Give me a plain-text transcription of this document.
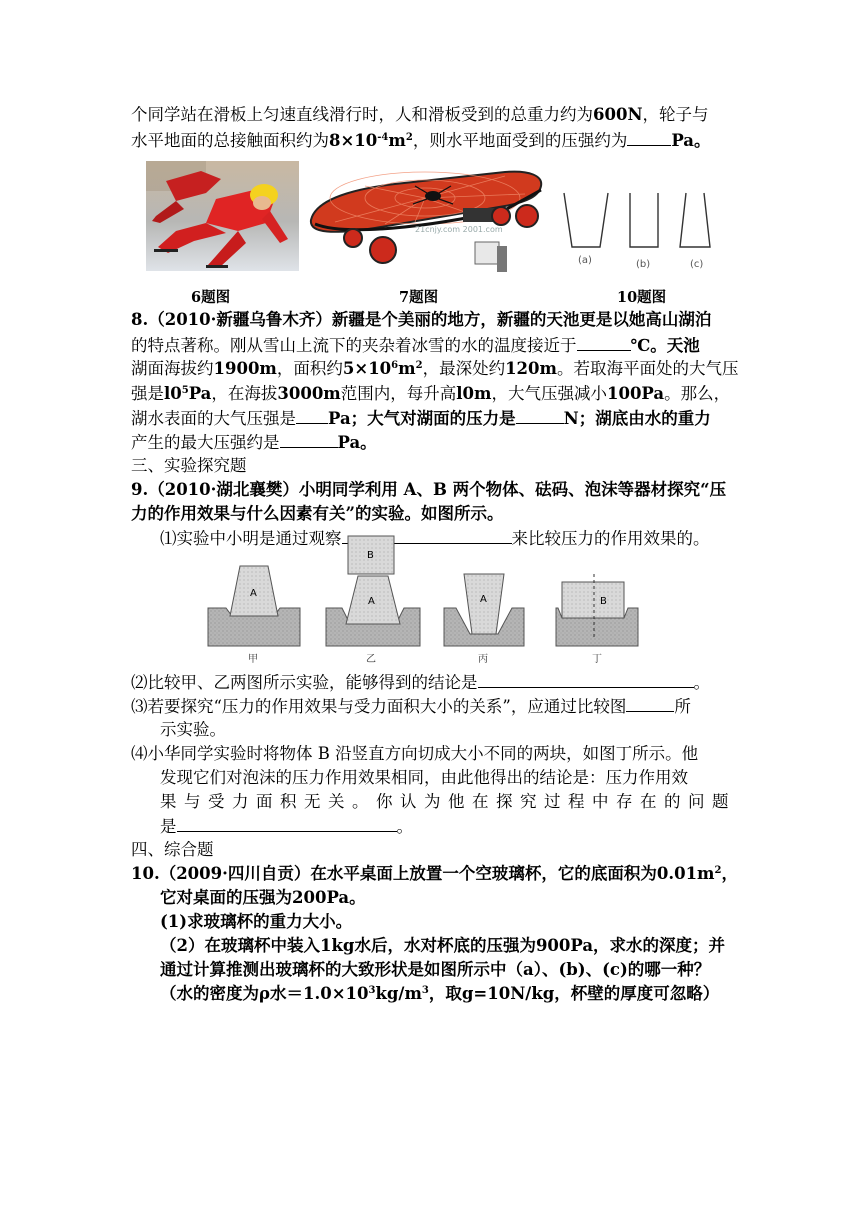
个同学站在滑板上匀速直线滑行时，人和滑板受到的总重力约为600N，轮子与
水平地面的总接触面积约为$8\times 10^{-4}m^2$，则水平地面受到的压强约为	Pa。
21cnjy.com 2001.com
(a)	(b)	(c)
6题图	7题图	10题图
8.（2010·新疆乌鲁木齐）新疆是个美丽的地方，新疆的天池更是以她高山湖泊
的特点著称。刚从雪山上流下的夹杂着冰雪的水的温度接近于	℃。天池
湖面海拔约1900m，面积约$5\times 10^6m^2$，最深处约120m。若取海平面处的大气压
强是$l0^5Pa$，在海拔3000m范围内，每升高l0m，大气压强减小100Pa。那么，
湖水表面的大气压强是 Pa；大气对湖面的压力是	N；湖底由水的重力
产生的最大压强约是	Pa。
三、实验探究题
9.（2010·湖北襄樊）小明同学利用 A、B 两个物体、砝码、泡沫等器材探究“压
力的作用效果与什么因素有关”的实验。如图所示。
⑴实验中小明是通过观察	来比较压力的作用效果的。
A
甲
B
A
乙
A
丙
B
丁
⑵比较甲、乙两图所示实验，能够得到的结论是	。
⑶若要探究“压力的作用效果与受力面积大小的关系”，应通过比较图	所
示实验。
⑷小华同学实验时将物体 B 沿竖直方向切成大小不同的两块，如图丁所示。他
发现它们对泡沫的压力作用效果相同，由此他得出的结论是：压力作用效
果与受力面积无关。你认为他在探究过程中存在的问题
是	。
四、综合题
10.（2009·四川自贡）在水平桌面上放置一个空玻璃杯，它的底面积为$0.01m^2$，
它对桌面的压强为200Pa。
(1)求玻璃杯的重力大小。
（2）在玻璃杯中装入1kg水后，水对杯底的压强为900Pa，求水的深度；并
通过计算推测出玻璃杯的大致形状是如图所示中（a）、(b)、(c)的哪一种？
（水的密度为ρ水$=1.0\times 10^3kg/m^3$，取g=10N/kg，杯壁的厚度可忽略）
